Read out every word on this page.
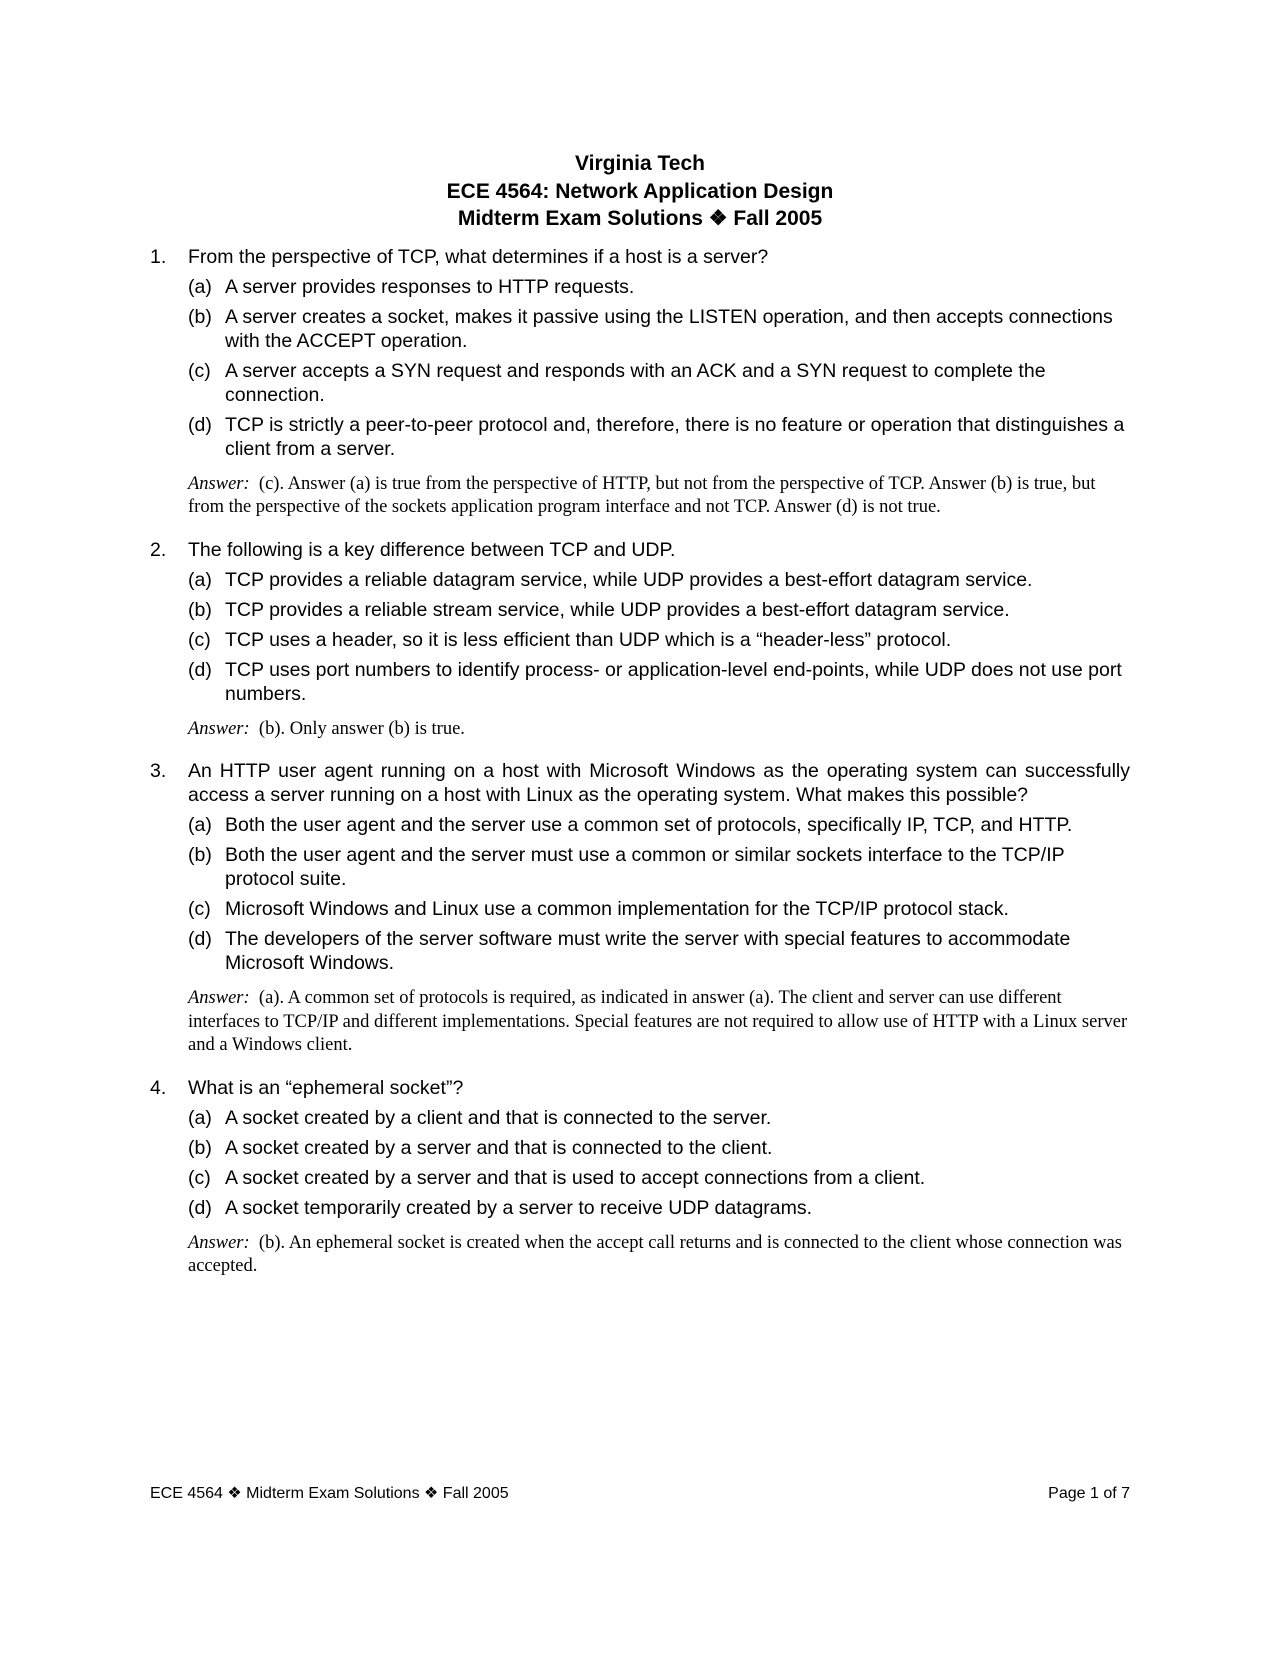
Virginia Tech
ECE 4564: Network Application Design
Midterm Exam Solutions ❖ Fall 2005
1. From the perspective of TCP, what determines if a host is a server?

(a) A server provides responses to HTTP requests.
(b) A server creates a socket, makes it passive using the LISTEN operation, and then accepts connections with the ACCEPT operation.
(c) A server accepts a SYN request and responds with an ACK and a SYN request to complete the connection.
(d) TCP is strictly a peer-to-peer protocol and, therefore, there is no feature or operation that distinguishes a client from a server.

Answer: (c). Answer (a) is true from the perspective of HTTP, but not from the perspective of TCP. Answer (b) is true, but from the perspective of the sockets application program interface and not TCP. Answer (d) is not true.

2. The following is a key difference between TCP and UDP.

(a) TCP provides a reliable datagram service, while UDP provides a best-effort datagram service.
(b) TCP provides a reliable stream service, while UDP provides a best-effort datagram service.
(c) TCP uses a header, so it is less efficient than UDP which is a “header-less” protocol.
(d) TCP uses port numbers to identify process- or application-level end-points, while UDP does not use port numbers.

Answer: (b). Only answer (b) is true.

3. An HTTP user agent running on a host with Microsoft Windows as the operating system can successfully access a server running on a host with Linux as the operating system. What makes this possible?

(a) Both the user agent and the server use a common set of protocols, specifically IP, TCP, and HTTP.
(b) Both the user agent and the server must use a common or similar sockets interface to the TCP/IP protocol suite.
(c) Microsoft Windows and Linux use a common implementation for the TCP/IP protocol stack.
(d) The developers of the server software must write the server with special features to accommodate Microsoft Windows.

Answer: (a). A common set of protocols is required, as indicated in answer (a). The client and server can use different interfaces to TCP/IP and different implementations. Special features are not required to allow use of HTTP with a Linux server and a Windows client.

4. What is an “ephemeral socket”?

(a) A socket created by a client and that is connected to the server.
(b) A socket created by a server and that is connected to the client.
(c) A socket created by a server and that is used to accept connections from a client.
(d) A socket temporarily created by a server to receive UDP datagrams.

Answer: (b). An ephemeral socket is created when the accept call returns and is connected to the client whose connection was accepted.

ECE 4564 ❖ Midterm Exam Solutions ❖ Fall 2005	Page 1 of 7
